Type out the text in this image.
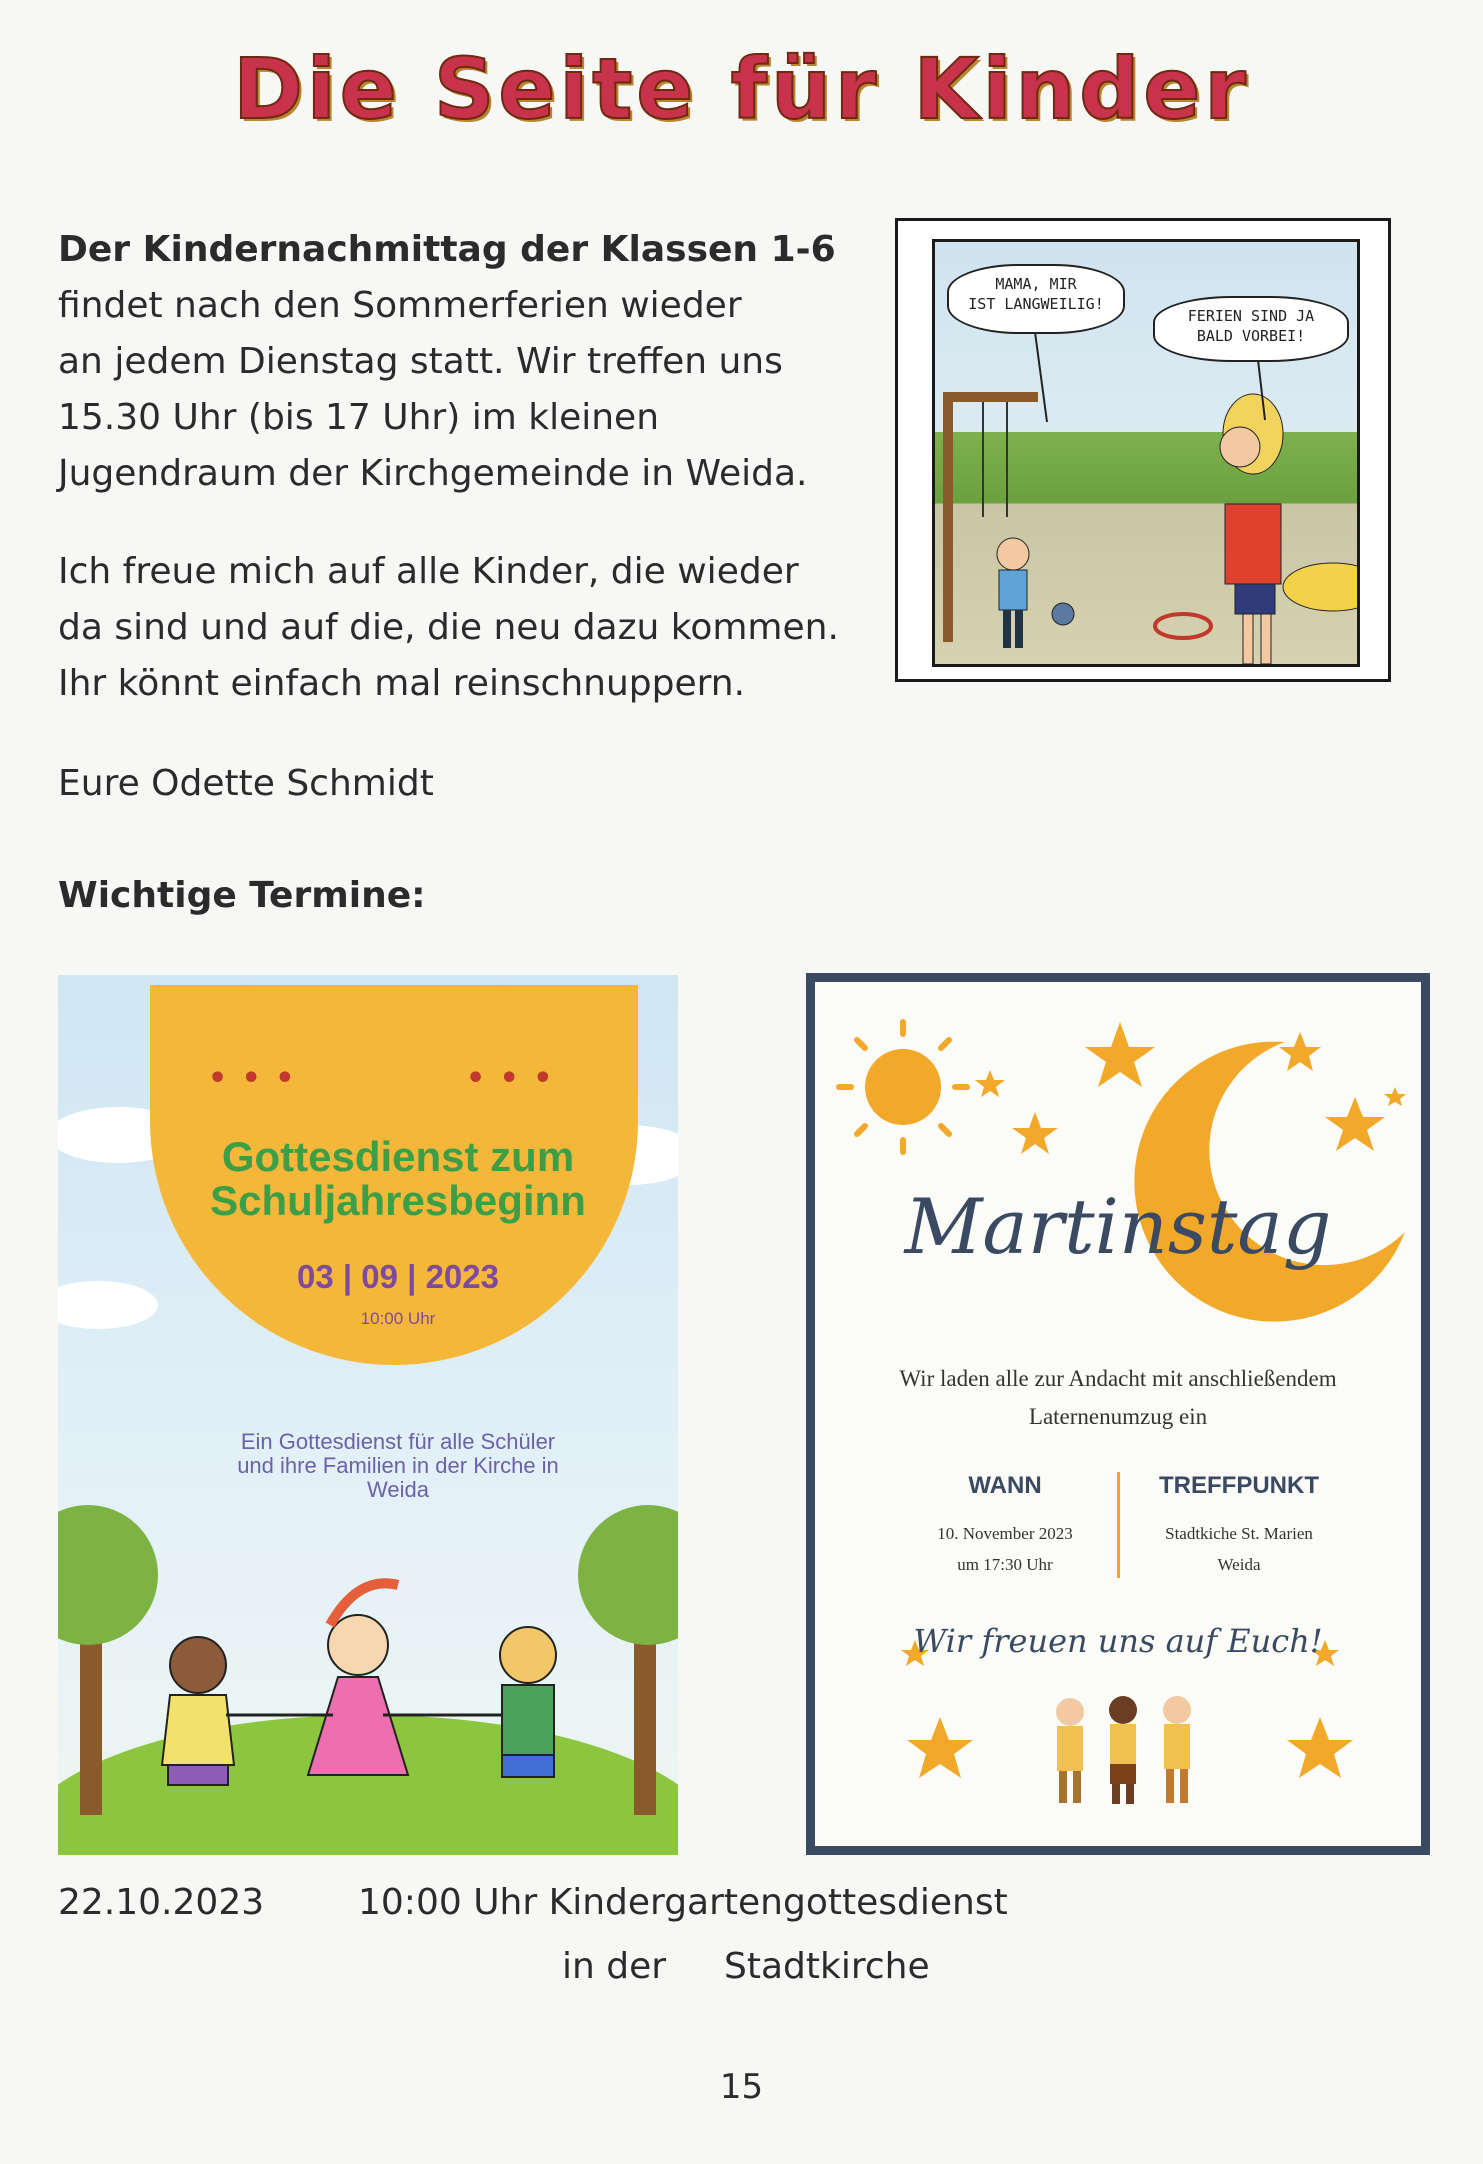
Die Seite für Kinder

Der Kindernachmittag der Klassen 1-6

findet nach den Sommerferien wieder

an jedem Dienstag statt. Wir treffen uns

15.30 Uhr (bis 17 Uhr) im kleinen

Jugendraum der Kirchgemeinde in Weida.

Ich freue mich auf alle Kinder, die wieder

da sind und auf die, die neu dazu kommen.

Ihr könnt einfach mal reinschnuppern.

Eure Odette Schmidt
Wichtige Termine:
MAMA, MIR
IST LANGWEILIG!
FERIEN SIND JA
BALD VORBEI!
• • •	• • •
Gottesdienst zum
Schuljahresbeginn
03 | 09 | 2023
10:00 Uhr
Ein Gottesdienst für alle Schüler
und ihre Familien in der Kirche in
Weida
Martinstag
Wir laden alle zur Andacht mit anschließendem
Laternenumzug ein
WANN
10. November 2023
um 17:30 Uhr
TREFFPUNKT
Stadtkiche St. Marien
Weida
Wir freuen uns auf Euch!
22.10.2023	10:00 Uhr Kindergartengottesdienst
in der Stadtkirche
15
